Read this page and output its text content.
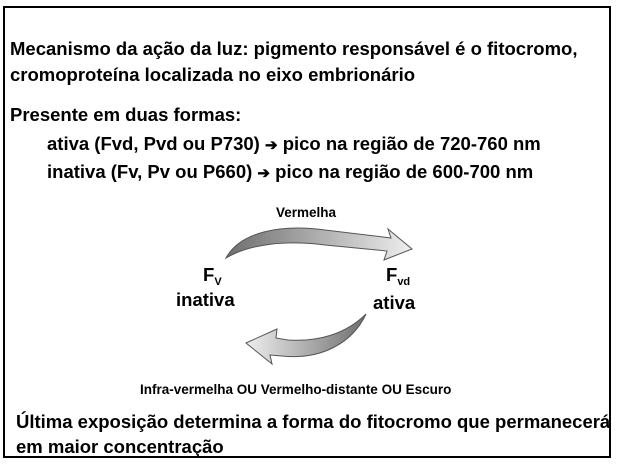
Mecanismo da ação da luz: pigmento responsável é o fitocromo,
cromoproteína localizada no eixo embrionário
Presente em duas formas:
ativa (Fvd, Pvd ou P730) ➔ pico na região de 720-760 nm
inativa (Fv, Pv ou P660) ➔ pico na região de 600-700 nm
Vermelha
$F_V$
inativa
$F_{vd}$
ativa
Infra-vermelha OU Vermelho-distante OU Escuro
Última exposição determina a forma do fitocromo que permanecerá
em maior concentração
